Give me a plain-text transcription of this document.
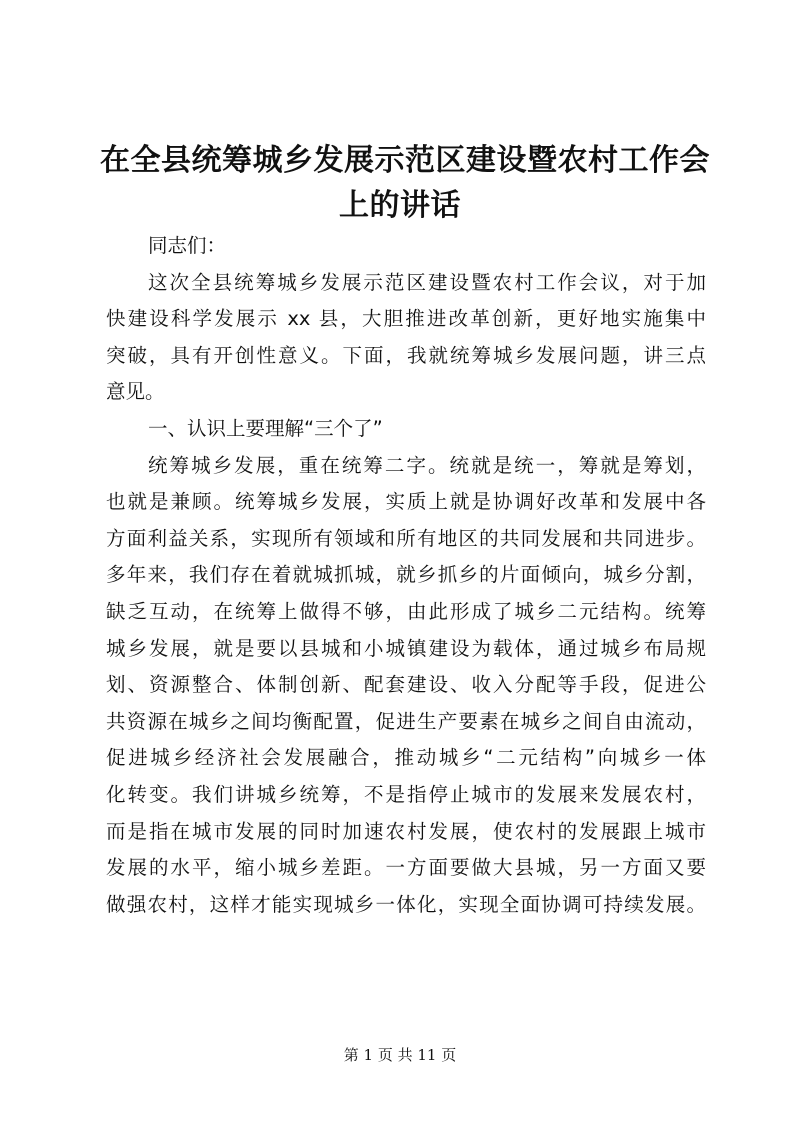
在全县统筹城乡发展示范区建设暨农村工作会
上的讲话
同志们：
这次全县统筹城乡发展示范区建设暨农村工作会议，对于加
快建设科学发展示 xx 县，大胆推进改革创新，更好地实施集中
突破，具有开创性意义。下面，我就统筹城乡发展问题，讲三点
意见。
一、认识上要理解“三个了”
统筹城乡发展，重在统筹二字。统就是统一，筹就是筹划，
也就是兼顾。统筹城乡发展，实质上就是协调好改革和发展中各
方面利益关系，实现所有领域和所有地区的共同发展和共同进步。
多年来，我们存在着就城抓城，就乡抓乡的片面倾向，城乡分割，
缺乏互动，在统筹上做得不够，由此形成了城乡二元结构。统筹
城乡发展，就是要以县城和小城镇建设为载体，通过城乡布局规
划、资源整合、体制创新、配套建设、收入分配等手段，促进公
共资源在城乡之间均衡配置，促进生产要素在城乡之间自由流动，
促进城乡经济社会发展融合，推动城乡“二元结构”向城乡一体
化转变。我们讲城乡统筹，不是指停止城市的发展来发展农村，
而是指在城市发展的同时加速农村发展，使农村的发展跟上城市
发展的水平，缩小城乡差距。一方面要做大县城，另一方面又要
做强农村，这样才能实现城乡一体化，实现全面协调可持续发展。
第 1 页 共 11 页
